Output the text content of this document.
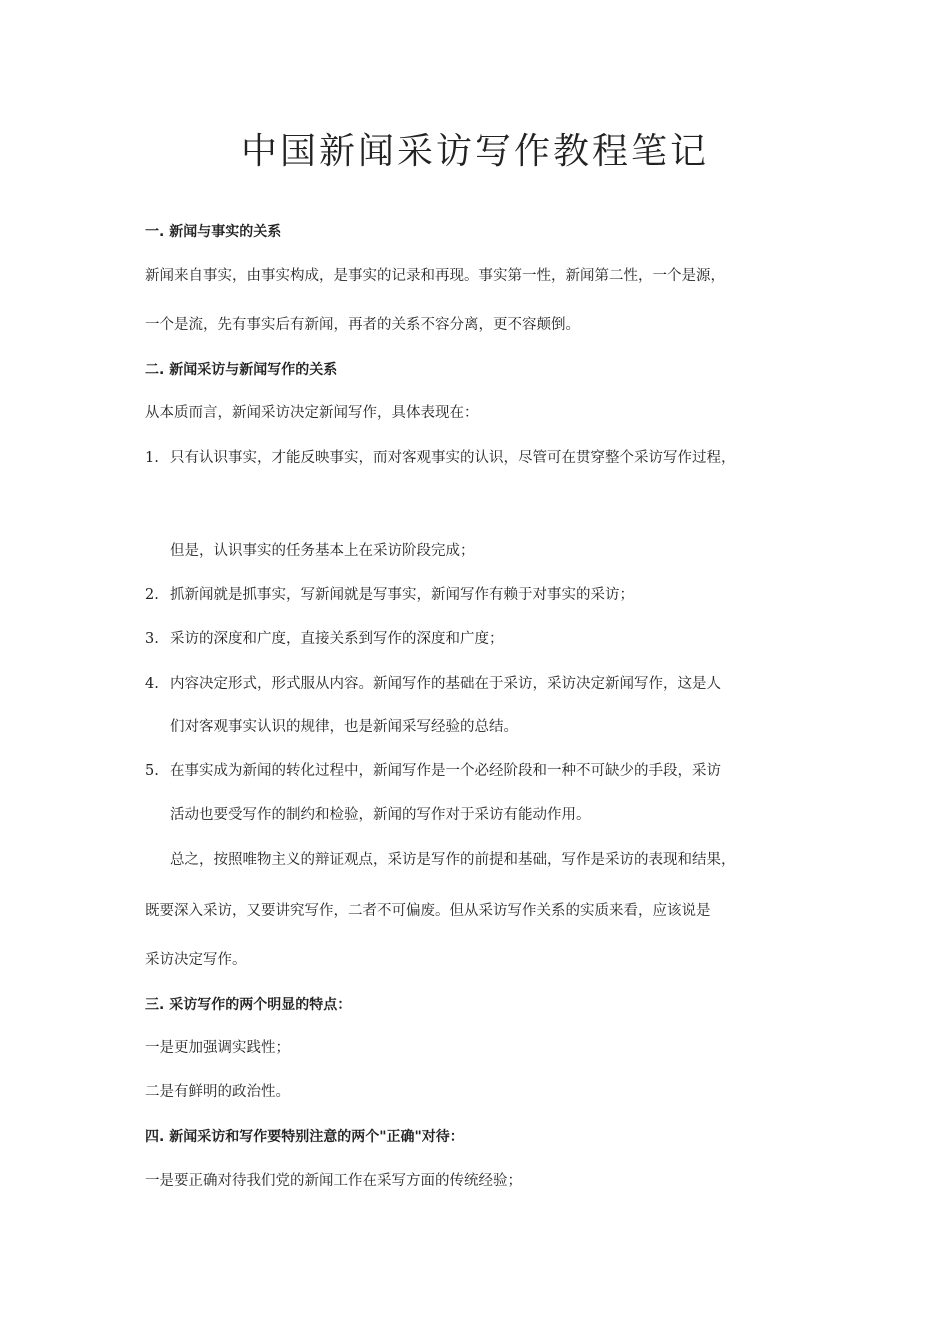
中国新闻采访写作教程笔记
一. 新闻与事实的关系
新闻来自事实，由事实构成，是事实的记录和再现。事实第一性，新闻第二性，一个是源，
一个是流，先有事实后有新闻，再者的关系不容分离，更不容颠倒。
二. 新闻采访与新闻写作的关系
从本质而言，新闻采访决定新闻写作，具体表现在：
1. 只有认识事实，才能反映事实，而对客观事实的认识，尽管可在贯穿整个采访写作过程，
但是，认识事实的任务基本上在采访阶段完成；
2. 抓新闻就是抓事实，写新闻就是写事实，新闻写作有赖于对事实的采访；
3. 采访的深度和广度，直接关系到写作的深度和广度；
4. 内容决定形式，形式服从内容。新闻写作的基础在于采访，采访决定新闻写作，这是人
们对客观事实认识的规律，也是新闻采写经验的总结。
5. 在事实成为新闻的转化过程中，新闻写作是一个必经阶段和一种不可缺少的手段，采访
活动也要受写作的制约和检验，新闻的写作对于采访有能动作用。
总之，按照唯物主义的辩证观点，采访是写作的前提和基础，写作是采访的表现和结果，
既要深入采访，又要讲究写作，二者不可偏废。但从采访写作关系的实质来看，应该说是
采访决定写作。
三. 采访写作的两个明显的特点：
一是更加强调实践性；
二是有鲜明的政治性。
四. 新闻采访和写作要特别注意的两个"正确"对待：
一是要正确对待我们党的新闻工作在采写方面的传统经验；
